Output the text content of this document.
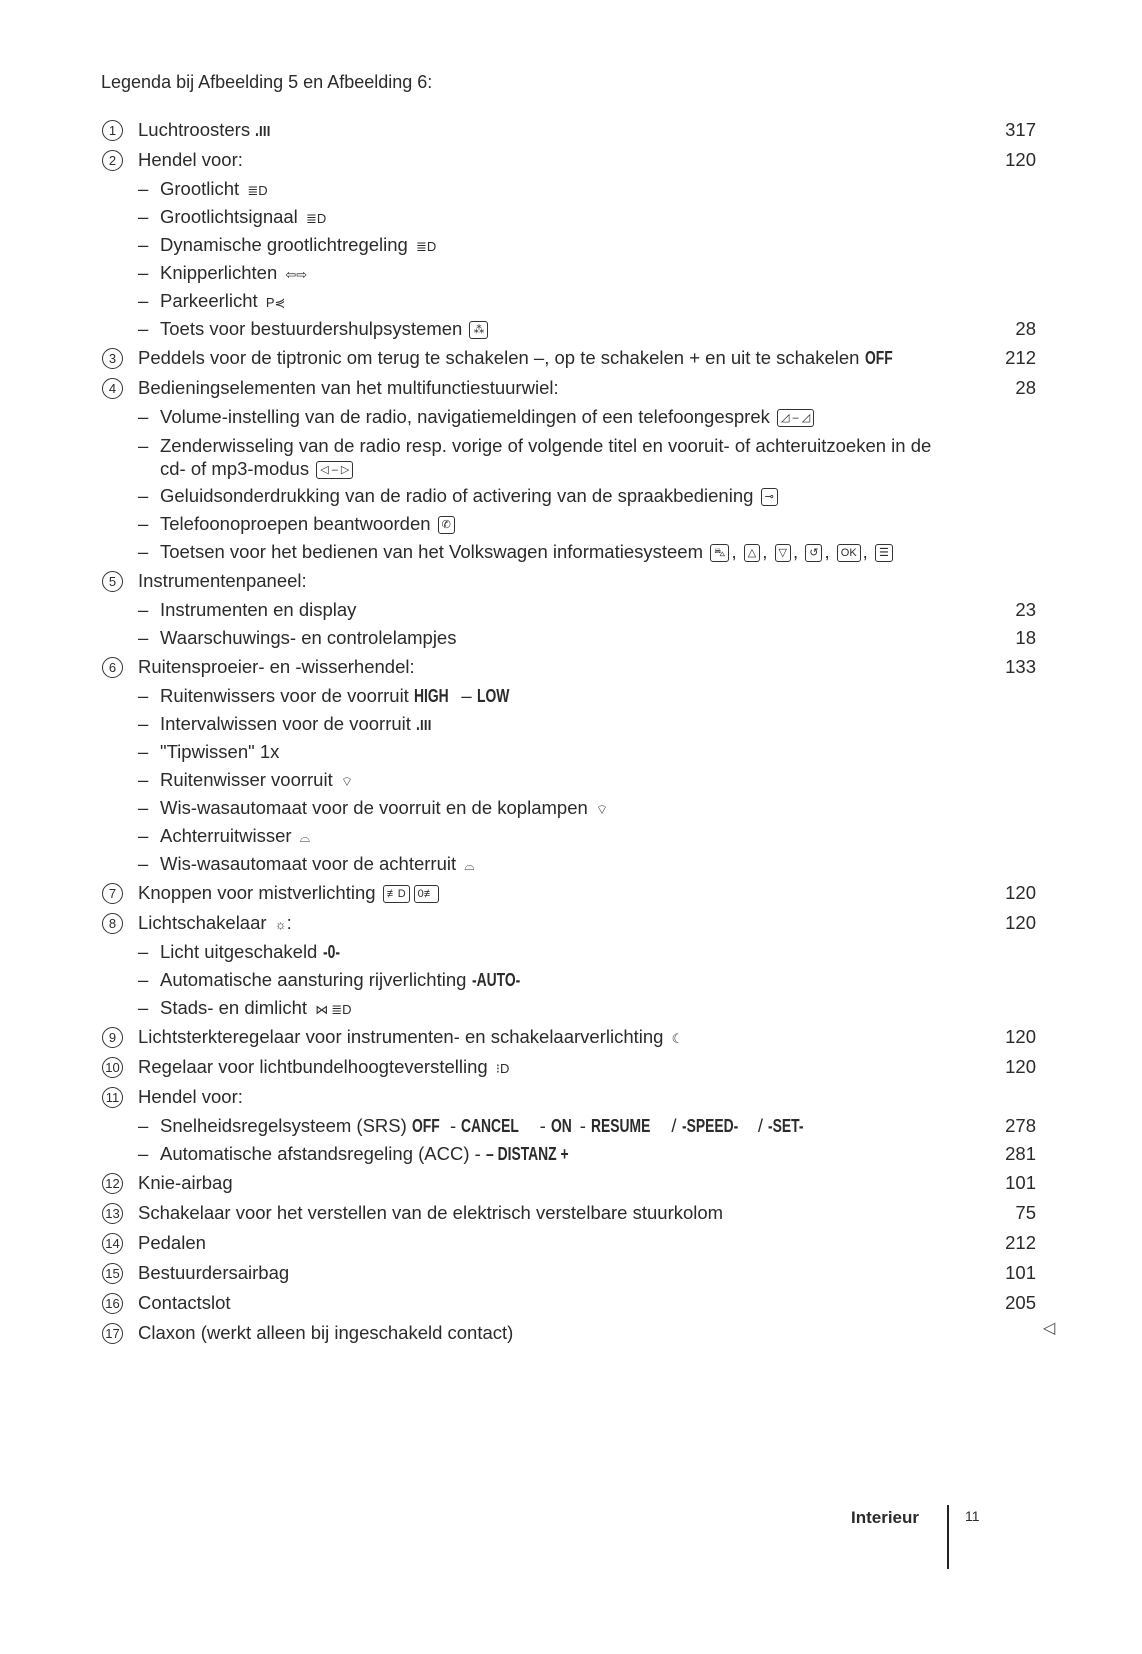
Legenda bij Afbeelding 5 en Afbeelding 6:
1	Luchtroosters .ııı	317
2	Hendel voor:	120
– Grootlicht ≣D
– Grootlichtsignaal ≣D
– Dynamische grootlichtregeling ≣D
– Knipperlichten ⇦⇨
– Parkeerlicht P⋞
– Toets voor bestuurdershulpsystemen ⁂	28
3	Peddels voor de tiptronic om terug te schakelen –, op te schakelen + en uit te schakelen OFF	212
4	Bedieningselementen van het multifunctiestuurwiel:	28
– Volume-instelling van de radio, navigatiemeldingen of een telefoongesprek ◿ – ◿
– Zenderwisseling van de radio resp. vorige of volgende titel en vooruit- of achteruitzoeken in de cd- of mp3-modus ◁ – ▷
– Geluidsonderdrukking van de radio of activering van de spraakbediening ⊸
– Telefoonoproepen beantwoorden ✆
– Toetsen voor het bedienen van het Volkswagen informatiesysteem ⛍ , △ , ▽ , ↺ , OK , ☰
5	Instrumentenpaneel:
– Instrumenten en display	23
– Waarschuwings- en controlelampjes	18
6	Ruitensproeier- en -wisserhendel:	133
– Ruitenwissers voor de voorruit HIGH – LOW
– Intervalwissen voor de voorruit .ııı
– "Tipwissen" 1x
– Ruitenwisser voorruit ⌔
– Wis-wasautomaat voor de voorruit en de koplampen ⌔
– Achterruitwisser ⌓
– Wis-wasautomaat voor de achterruit ⌓
7	Knoppen voor mistverlichting ≢D 0≢	120
8	Lichtschakelaar ☼:	120
– Licht uitgeschakeld -0-
– Automatische aansturing rijverlichting -AUTO-
– Stads- en dimlicht ⋈ ≣D
9	Lichtsterkteregelaar voor instrumenten- en schakelaarverlichting ☾	120
10 Regelaar voor lichtbundelhoogteverstelling ⁝D	120
11 Hendel voor:
– Snelheidsregelsysteem (SRS) OFF - CANCEL - ON - RESUME / -SPEED- / -SET-	278
– Automatische afstandsregeling (ACC) - – DISTANZ +	281
12 Knie-airbag	101
13 Schakelaar voor het verstellen van de elektrisch verstelbare stuurkolom	75
14 Pedalen	212
15 Bestuurdersairbag	101
16 Contactslot	205
17 Claxon (werkt alleen bij ingeschakeld contact)	◁
Interieur	11
